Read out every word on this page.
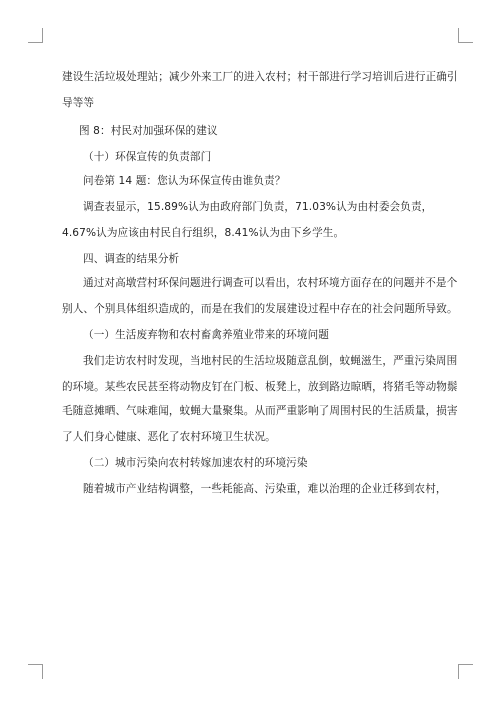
建设生活垃圾处理站；减少外来工厂的进入农村；村干部进行学习培训后进行正确引
导等等
图 8：村民对加强环保的建议
（十）环保宣传的负责部门
问卷第 14 题：您认为环保宣传由谁负责？
调查表显示，15.89%认为由政府部门负责，71.03%认为由村委会负责，
4.67%认为应该由村民自行组织，8.41%认为由下乡学生。
四、调查的结果分析
通过对高墩营村环保问题进行调查可以看出，农村环境方面存在的问题并不是个
别人、个别具体组织造成的，而是在我们的发展建设过程中存在的社会问题所导致。
（一）生活废弃物和农村畜禽养殖业带来的环境问题
我们走访农村时发现，当地村民的生活垃圾随意乱倒，蚊蝇滋生，严重污染周围
的环境。某些农民甚至将动物皮钉在门板、板凳上，放到路边晾晒，将猪毛等动物鬃
毛随意摊晒、气味难闻，蚊蝇大量聚集。从而严重影响了周围村民的生活质量，损害
了人们身心健康、恶化了农村环境卫生状况。
（二）城市污染向农村转嫁加速农村的环境污染
随着城市产业结构调整，一些耗能高、污染重，难以治理的企业迁移到农村，
